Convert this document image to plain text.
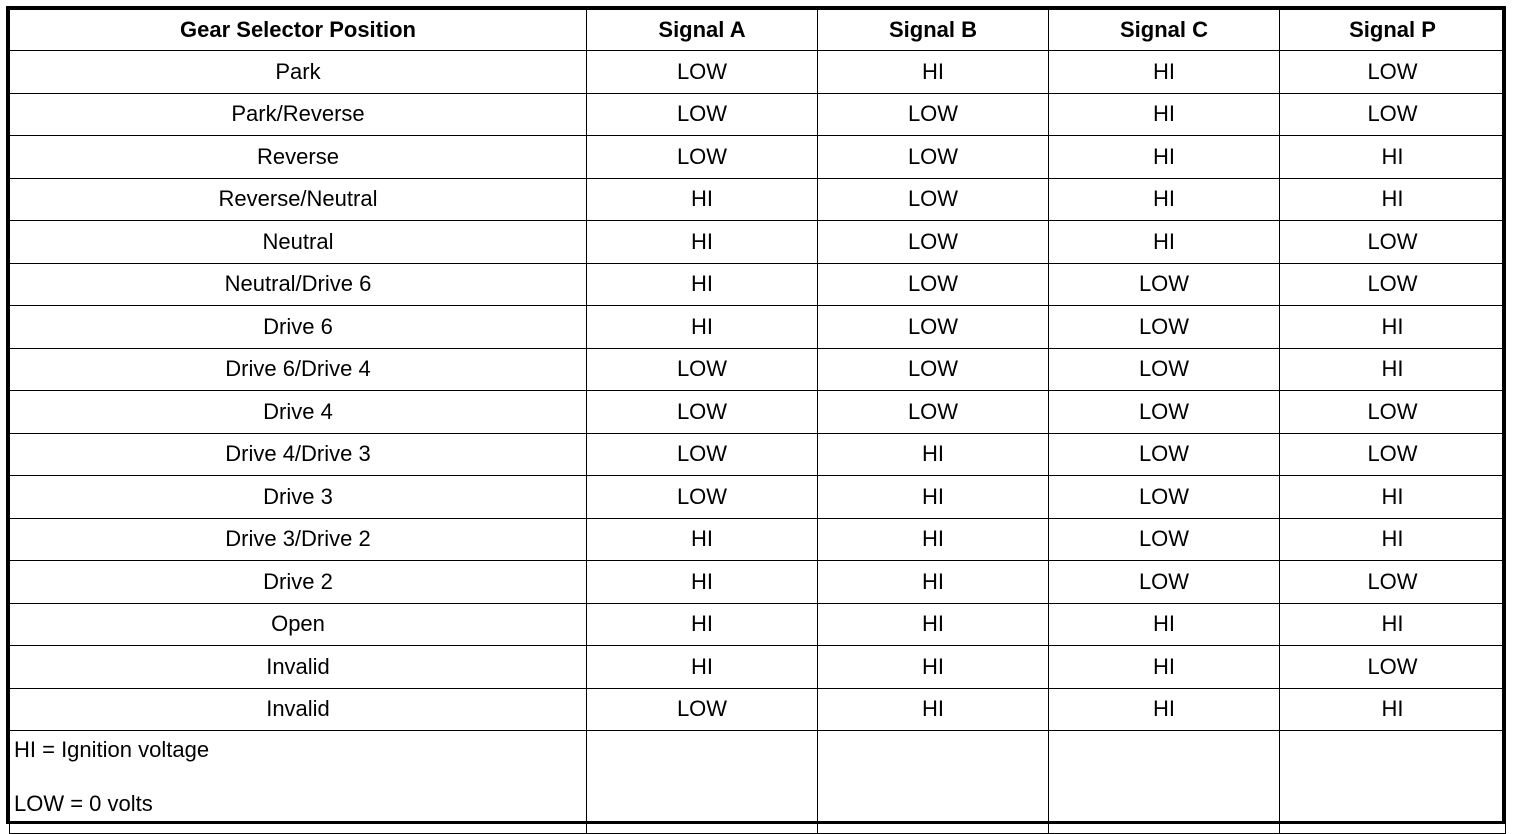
Gear Selector Position	Signal A	Signal B	Signal C	Signal P
Park	LOW	HI	HI	LOW
Park/Reverse	LOW	LOW	HI	LOW
Reverse	LOW	LOW	HI	HI
Reverse/Neutral	HI	LOW	HI	HI
Neutral	HI	LOW	HI	LOW
Neutral/Drive 6	HI	LOW	LOW	LOW
Drive 6	HI	LOW	LOW	HI
Drive 6/Drive 4	LOW	LOW	LOW	HI
Drive 4	LOW	LOW	LOW	LOW
Drive 4/Drive 3	LOW	HI	LOW	LOW
Drive 3	LOW	HI	LOW	HI
Drive 3/Drive 2	HI	HI	LOW	HI
Drive 2	HI	HI	LOW	LOW
Open	HI	HI	HI	HI
Invalid	HI	HI	HI	LOW
Invalid	LOW	HI	HI	HI

HI = Ignition voltage
LOW = 0 volts				
